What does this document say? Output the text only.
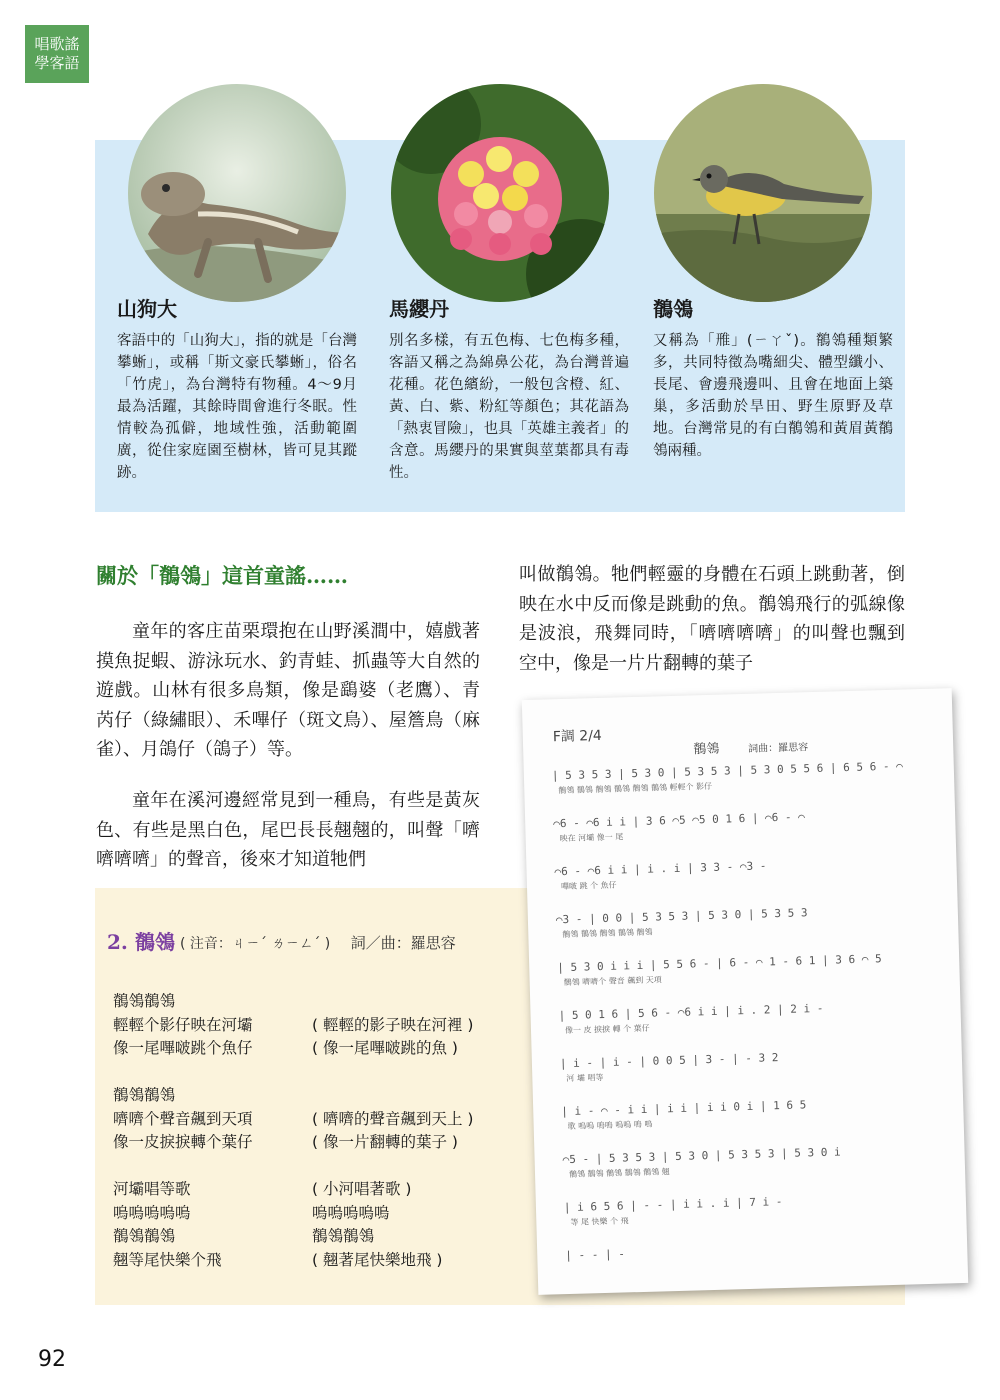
唱歌謠
學客語
山狗大
客語中的「山狗大」，指的就是「台灣攀蜥」，或稱「斯文豪氏攀蜥」，俗名「竹虎」，為台灣特有物種。4～9月最為活躍，其餘時間會進行冬眠。性情較為孤僻，地域性強，活動範圍廣，從住家庭園至樹林，皆可見其蹤跡。
馬纓丹
別名多樣，有五色梅、七色梅多種，客語又稱之為綿鼻公花，為台灣普遍花種。花色繽紛，一般包含橙、紅、黃、白、紫、粉紅等顏色；其花語為「熱衷冒險」，也具「英雄主義者」的含意。馬纓丹的果實與莖葉都具有毒性。
鶺鴒
又稱為「雃」(ㄧㄚˇ)。鶺鴒種類繁多，共同特徵為嘴細尖、體型纖小、長尾、會邊飛邊叫、且會在地面上築巢，多活動於旱田、野生原野及草地。台灣常見的有白鶺鴒和黃眉黃鶺鴒兩種。
關於「鶺鴒」這首童謠……
童年的客庄苗栗環抱在山野溪澗中，嬉戲著摸魚捉蝦、游泳玩水、釣青蛙、抓蟲等大自然的遊戲。山林有很多鳥類，像是鷂婆（老鷹）、青芮仔（綠繡眼）、禾嗶仔（斑文鳥）、屋簷鳥（麻雀）、月鴿仔（鴿子）等。
童年在溪河邊經常見到一種鳥，有些是黃灰色、有些是黑白色，尾巴長長翹翹的，叫聲「嚌嚌嚌嚌」的聲音，後來才知道牠們
叫做鶺鴒。牠們輕靈的身體在石頭上跳動著，倒映在水中反而像是跳動的魚。鶺鴒飛行的弧線像是波浪，飛舞同時，「嚌嚌嚌嚌」的叫聲也飄到空中，像是一片片翻轉的葉子
2. 鶺鴒 ( 注音：ㄐㄧˊ ㄌㄧㄥˊ ) 詞／曲：羅思容
鶺鴒鶺鴒
輕輕个影仔映在河壩
像一尾嗶啵跳个魚仔
鶺鴒鶺鴒
嚌嚌个聲音飆到天項
像一皮捩捩轉个葉仔
河壩唱等歌
嗚嗚嗚嗚嗚
鶺鴒鶺鴒
翹等尾快樂个飛

( 輕輕的影子映在河裡 )
( 像一尾嗶啵跳的魚 )

( 嚌嚌的聲音飆到天上 )
( 像一片翻轉的葉子 )
( 小河唱著歌 )
嗚嗚嗚嗚嗚
鶺鴒鶺鴒
( 翹著尾快樂地飛 )
F調 2/4
鶺鴒	詞曲：羅思容
| 5 3 5 3 | 5 3 0 | 5 3 5 3 | 5 3 0 5 5 6 | 6 5 6 - ⌒
鶺鴒 鶺鴒 鶺鴒 鶺鴒 鶺鴒 鶺鴒 輕輕个 影仔
⌒6 - ⌒6 i i | 3 6 ⌒5 ⌒5 0 1 6 | ⌒6 - ⌒
映在 河壩 像一 尾
⌒6 - ⌒6 i i | i . i | 3 3 - ⌒3 -
嗶啵 跳 个 魚仔
⌒3 - | 0 0 | 5 3 5 3 | 5 3 0 | 5 3 5 3
鶺鴒 鶺鴒 鶺鴒 鶺鴒 鶺鴒
| 5 3 0 i i i | 5 5 6 - | 6 - ⌒ 1 - 6 1 | 3 6 ⌒ 5
鶺鴒 嚌嚌个 聲音 飆到 天項
| 5 0 1 6 | 5 6 - ⌒6 i i | i . 2 | 2 i -
像一 皮 捩捩 轉 个 葉仔
| i - | i - | 0 0 5 | 3 - | - 3 2
河 壩 唱等
| i - ⌒ - i i | i i | i i 0 i | 1 6 5
歌 嗚嗚 嗚嗚 嗚嗚 嗚 嗚
⌒5 - | 5 3 5 3 | 5 3 0 | 5 3 5 3 | 5 3 0 i
鶺鴒 鶺鴒 鶺鴒 鶺鴒 鶺鴒 翹
| i 6 5 6 | - - | i i . i | 7 i -
等 尾 快樂 个 飛
| - - | -
92
